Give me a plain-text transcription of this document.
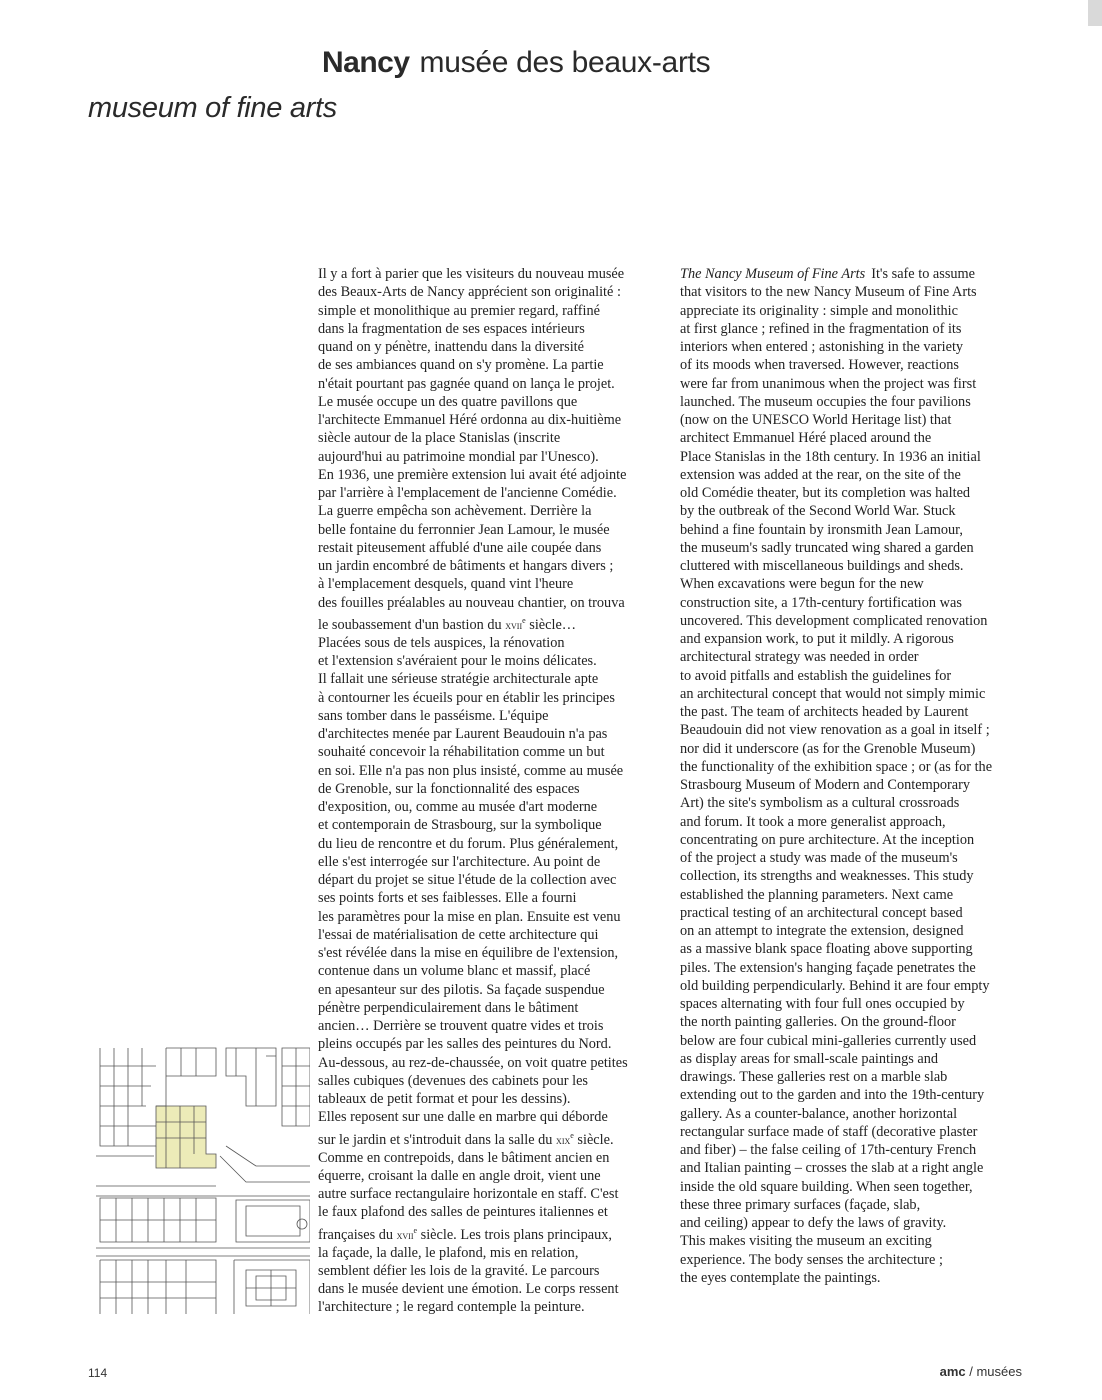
Nancy musée des beaux-arts
museum of fine arts
Il y a fort à parier que les visiteurs du nouveau musée
des Beaux-Arts de Nancy apprécient son originalité :
simple et monolithique au premier regard, raffiné
dans la fragmentation de ses espaces intérieurs
quand on y pénètre, inattendu dans la diversité
de ses ambiances quand on s'y promène. La partie
n'était pourtant pas gagnée quand on lança le projet.
Le musée occupe un des quatre pavillons que
l'architecte Emmanuel Héré ordonna au dix-huitième
siècle autour de la place Stanislas (inscrite
aujourd'hui au patrimoine mondial par l'Unesco).
En 1936, une première extension lui avait été adjointe
par l'arrière à l'emplacement de l'ancienne Comédie.
La guerre empêcha son achèvement. Derrière la
belle fontaine du ferronnier Jean Lamour, le musée
restait piteusement affublé d'une aile coupée dans
un jardin encombré de bâtiments et hangars divers ;
à l'emplacement desquels, quand vint l'heure
des fouilles préalables au nouveau chantier, on trouva
le soubassement d'un bastion du xvii$^e$ siècle…
Placées sous de tels auspices, la rénovation
et l'extension s'avéraient pour le moins délicates.
Il fallait une sérieuse stratégie architecturale apte
à contourner les écueils pour en établir les principes
sans tomber dans le passéisme. L'équipe
d'architectes menée par Laurent Beaudouin n'a pas
souhaité concevoir la réhabilitation comme un but
en soi. Elle n'a pas non plus insisté, comme au musée
de Grenoble, sur la fonctionnalité des espaces
d'exposition, ou, comme au musée d'art moderne
et contemporain de Strasbourg, sur la symbolique
du lieu de rencontre et du forum. Plus généralement,
elle s'est interrogée sur l'architecture. Au point de
départ du projet se situe l'étude de la collection avec
ses points forts et ses faiblesses. Elle a fourni
les paramètres pour la mise en plan. Ensuite est venu
l'essai de matérialisation de cette architecture qui
s'est révélée dans la mise en équilibre de l'extension,
contenue dans un volume blanc et massif, placé
en apesanteur sur des pilotis. Sa façade suspendue
pénètre perpendiculairement dans le bâtiment
ancien… Derrière se trouvent quatre vides et trois
pleins occupés par les salles des peintures du Nord.
Au-dessous, au rez-de-chaussée, on voit quatre petites
salles cubiques (devenues des cabinets pour les
tableaux de petit format et pour les dessins).
Elles reposent sur une dalle en marbre qui déborde
sur le jardin et s'introduit dans la salle du xix$^e$ siècle.
Comme en contrepoids, dans le bâtiment ancien en
équerre, croisant la dalle en angle droit, vient une
autre surface rectangulaire horizontale en staff. C'est
le faux plafond des salles de peintures italiennes et
françaises du xvii$^e$ siècle. Les trois plans principaux,
la façade, la dalle, le plafond, mis en relation,
semblent défier les lois de la gravité. Le parcours
dans le musée devient une émotion. Le corps ressent
l'architecture ; le regard contemple la peinture.
The Nancy Museum of Fine Arts It's safe to assume
that visitors to the new Nancy Museum of Fine Arts
appreciate its originality : simple and monolithic
at first glance ; refined in the fragmentation of its
interiors when entered ; astonishing in the variety
of its moods when traversed. However, reactions
were far from unanimous when the project was first
launched. The museum occupies the four pavilions
(now on the UNESCO World Heritage list) that
architect Emmanuel Héré placed around the
Place Stanislas in the 18th century. In 1936 an initial
extension was added at the rear, on the site of the
old Comédie theater, but its completion was halted
by the outbreak of the Second World War. Stuck
behind a fine fountain by ironsmith Jean Lamour,
the museum's sadly truncated wing shared a garden
cluttered with miscellaneous buildings and sheds.
When excavations were begun for the new
construction site, a 17th-century fortification was
uncovered. This development complicated renovation
and expansion work, to put it mildly. A rigorous
architectural strategy was needed in order
to avoid pitfalls and establish the guidelines for
an architectural concept that would not simply mimic
the past. The team of architects headed by Laurent
Beaudouin did not view renovation as a goal in itself ;
nor did it underscore (as for the Grenoble Museum)
the functionality of the exhibition space ; or (as for the
Strasbourg Museum of Modern and Contemporary
Art) the site's symbolism as a cultural crossroads
and forum. It took a more generalist approach,
concentrating on pure architecture. At the inception
of the project a study was made of the museum's
collection, its strengths and weaknesses. This study
established the planning parameters. Next came
practical testing of an architectural concept based
on an attempt to integrate the extension, designed
as a massive blank space floating above supporting
piles. The extension's hanging façade penetrates the
old building perpendicularly. Behind it are four empty
spaces alternating with four full ones occupied by
the north painting galleries. On the ground-floor
below are four cubical mini-galleries currently used
as display areas for small-scale paintings and
drawings. These galleries rest on a marble slab
extending out to the garden and into the 19th-century
gallery. As a counter-balance, another horizontal
rectangular surface made of staff (decorative plaster
and fiber) – the false ceiling of 17th-century French
and Italian painting – crosses the slab at a right angle
inside the old square building. When seen together,
these three primary surfaces (façade, slab,
and ceiling) appear to defy the laws of gravity.
This makes visiting the museum an exciting
experience. The body senses the architecture ;
the eyes contemplate the paintings.
114	amc / musées
